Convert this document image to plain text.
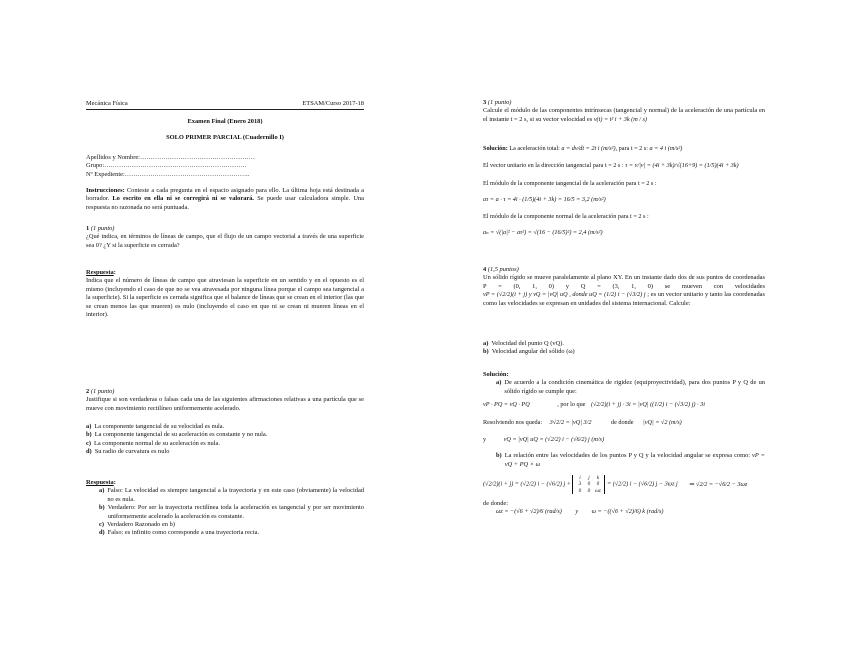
Mecánica Física	ETSAM/Curso 2017-18
Examen Final (Enero 2018)
SOLO PRIMER PARCIAL (Cuadernillo I)
Apellidos y Nombre:………………………………………………
Grupo:………………………………………………………….
Nº Expediente:…………………………………………………..
Instrucciones: Conteste a cada pregunta en el espacio asignado para ello. La última hoja está destinada a borrador. Lo escrito en ella ni se corregirá ni se valorará. Se puede usar calculadora simple. Una respuesta no razonada no será puntuada.
1 (1 punto)
¿Qué indica, en términos de líneas de campo, que el flujo de un campo vectorial a través de una superficie sea 0? ¿Y si la superficie es cerrada?
Respuesta:
Indica que el número de líneas de campo que atraviesan la superficie en un sentido y en el opuesto es el mismo (incluyendo el caso de que no se vea atravesada por ninguna línea porque el campo sea tangencial a la superficie). Si la superficie es cerrada significa que el balance de líneas que se crean en el interior (las que se crean menos las que mueren) es nulo (incluyendo el caso en que ni se crean ni mueren líneas en el interior).
2 (1 punto)
Justifique si son verdaderas o falsas cada una de las siguientes afirmaciones relativas a una partícula que se mueve con movimiento rectilíneo uniformemente acelerado.
a) La componente tangencial de su velocidad es nula.
b) La componente tangencial de su aceleración es constante y no nula.
c) La componente normal de su aceleración es nula.
d) Su radio de curvatura es nulo
Respuesta:
a) Falso: La velocidad es siempre tangencial a la trayectoria y en este caso (obviamente) la velocidad no es nula.
b) Verdadero: Por ser la trayectoria rectilínea toda la aceleración es tangencial y por ser movimiento uniformemente acelerado la aceleración es constante.
c) Verdadero Razonado en b)
d) Falso: es infinito como corresponde a una trayectoria recta.
3 (1 punto)
Calcule el módulo de las componentes intrínsecas (tangencial y normal) de la aceleración de una partícula en el instante t = 2 s, si su vector velocidad es v(t) = t² i + 3k (m / s)
Solución: La aceleración total: a = dv/dt = 2t i (m/s²), para t = 2 s: a = 4 i (m/s²)
El vector unitario en la dirección tangencial para t = 2 s : τ = v/|v| = (4i + 3k)/√(16+9) = (1/5)(4i + 3k)
El módulo de la componente tangencial de la aceleración para t = 2 s :
aτ = a · τ = 4i · (1/5)(4i + 3k) = 16/5 = 3,2 (m/s²)
El módulo de la componente normal de la aceleración para t = 2 s :
aₙ = √(|a|² − aτ²) = √(16 − (16/5)²) = 2,4 (m/s²)
4 (1,5 puntos)
Un sólido rígido se mueve paralelamente al plano XY. En un instante dado dos de sus puntos de coordenadas P = (0, 1, 0) y Q = (3, 1, 0) se mueven con velocidades vP = (√2/2)(i + j) y vQ = |vQ| uQ , donde uQ = (1/2) i − (√3/2) j ; es un vector unitario y tanto las coordenadas como las velocidades se expresan en unidades del sistema internacional. Calcule:
a) Velocidad del punto Q (vQ).
b) Velocidad angular del sólido (ω)
Solución:
a) De acuerdo a la condición cinemática de rigidez (equiproyectividad), para dos puntos P y Q de un sólido rígido se cumple que:
vP · PQ = vQ · PQ	, por lo que (√2/2)(i + j) · 3i = |vQ| ((1/2) i − (√3/2) j) · 3i
Resolviendo nos queda: 3√2/2 = |vQ| 3/2	de donde |vQ| = √2 (m/s)
y	vQ = |vQ| uQ = (√2/2) i − (√6/2) j (m/s)
b) La relación entre las velocidades de los puntos P y Q y la velocidad angular se expresa como: vP = vQ + PQ × ω
(√2/2)(i + j) = (√2/2) i − (√6/2) j +
i j k
3 0 0
0 0 ωz
= (√2/2) i − (√6/2) j − 3ωz j ⇒ √2/2 = −√6/2 − 3ωz
de donde:
ωz = −(√6 + √2)/6 (rad/s) y ω = −((√6 + √2)/6) k (rad/s)
